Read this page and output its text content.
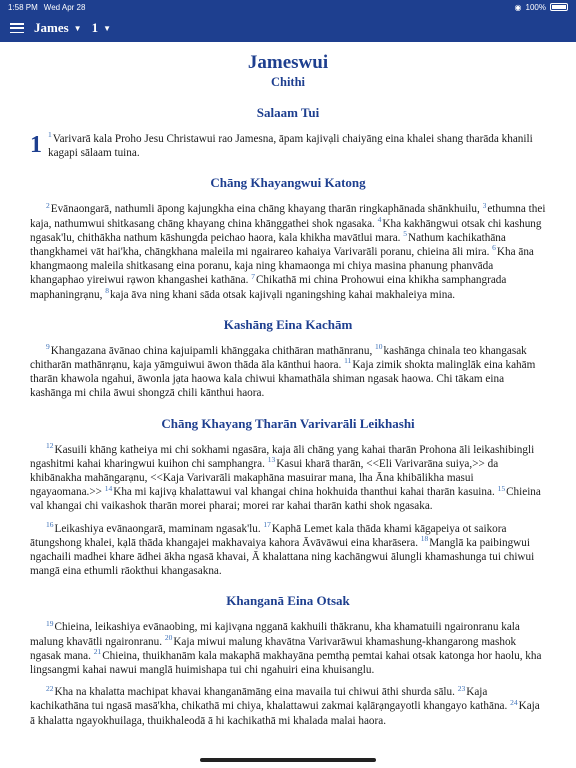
1:58 PM Wed Apr 28	◉ 100%
James ▼ 1 ▼
Jameswui
Chithi
Salaam Tui

1 $^1$Varivarā kala Proho Jesu Christawui rao Jamesna, āpam kajivạli chaiyāng eina khalei shang tharāda khanili kagapi sālaam tuina.

Chāng Khayangwui Katong

$^2$Evānaongarā, nathumli āpong kajungkha eina chāng khayang tharān ringkaphānada shānkhuilu, $^3$ethumna thei kaja, nathumwui shitkasang chāng khayang china khānggathei shok ngasaka. $^4$Kha kakhāngwui otsak chi kashung ngasak'lu, chithākha nathum kāshungda peichao haora, kala khikha mavātlui mara. $^5$Nathum kachikathāna thangkhamei vāt hai'kha, chāngkhana maleila mi ngairareo kahaiya Varivarāli poranu, chieina āli mira. $^6$Kha āna khangmaong maleila shitkasang eina poranu, kaja ning khamaonga mi chiya masina phanung phanvāda khangaphao yireiwui rạwon khangashei kathāna. $^7$Chikathā mi china Prohowui eina khikha samphangrada maphaningrạnu, $^8$kaja āva ning khani sāda otsak kajivạli nganingshing kahai makhaleiya mina.

Kashāng Eina Kachām

$^9$Khangazana āvānao china kajuipamli khānggaka chithāran mathānranu, $^{10}$kashānga chinala teo khangasak chitharān mathānrạnu, kaja yāmguiwui āwon thāda āla kānthui haora. $^{11}$Kaja zimik shokta malinglāk eina kahām tharān khawola ngahui, āwonla jạta haowa kala chiwui khamathāla shiman ngasak haowa. Chi tākam eina kashānga mi chila āwui shongzā chili kānthui haora.

Chāng Khayang Tharān Varivarāli Leikhashi

$^{12}$Kasuili khāng katheiya mi chi sokhami ngasāra, kaja āli chāng yang kahai tharān Prohona āli leikashibingli ngashitmi kahai kharingwui kuihon chi samphangra. $^{13}$Kasui kharā tharān, <<Eli Varivarāna suiya,>> da khibānakha mahāngarạnu, <<Kaja Varivarāli makaphāna masuirar mana, lha Āna khibālikha masui ngayaomana.>> $^{14}$Kha mi kajivạ khalattawui val khangai china hokhuida thanthui kahai tharān kasuina. $^{15}$Chieina val khangai chi vaikashok tharān morei pharai; morei rar kahai tharān kathi shok ngasaka.

$^{16}$Leikashiya evānaongarā, maminam ngasak'lu. $^{17}$Kaphā Lemet kala thāda khami kāgapeiya ot saikora ātungshong khalei, kạlā thāda khangajei makhavaiya kahora Āvāvāwui eina kharāsera. $^{18}$Manglā ka paibingwui ngachaili madhei khare ādhei ākha ngasā khavai, Ā khalattana ning kachāngwui ālungli khamashunga tui chiwui mangā eina ethumli rāokthui khangasakna.

Khanganā Eina Otsak

$^{19}$Chieina, leikashiya evānaobing, mi kajivạna ngganā kakhuili thākranu, kha khamatuili ngaironranu kala malung khavātli ngaironranu. $^{20}$Kaja miwui malung khavātna Varivarāwui khamashung-khangarong mashok ngasak mana. $^{21}$Chieina, thuikhanām kala makaphā makhayāna pemthạ pemtai kahai otsak katonga hor haolu, kha lingsangmi kahai nawui manglā huimishapa tui chi ngahuiri eina khuisanglu.

$^{22}$Kha na khalatta machipat khavai khanganāmāng eina mavaila tui chiwui āthi shurda sālu. $^{23}$Kaja kachikathāna tui ngasā masā'kha, chikathā mi chiya, khalattawui zakmai kạlārạngayotli khangayo kathāna. $^{24}$Kaja ā khalatta ngayokhuilaga, thuikhaleodā ā hi kachikathā mi khalada malai haora.
